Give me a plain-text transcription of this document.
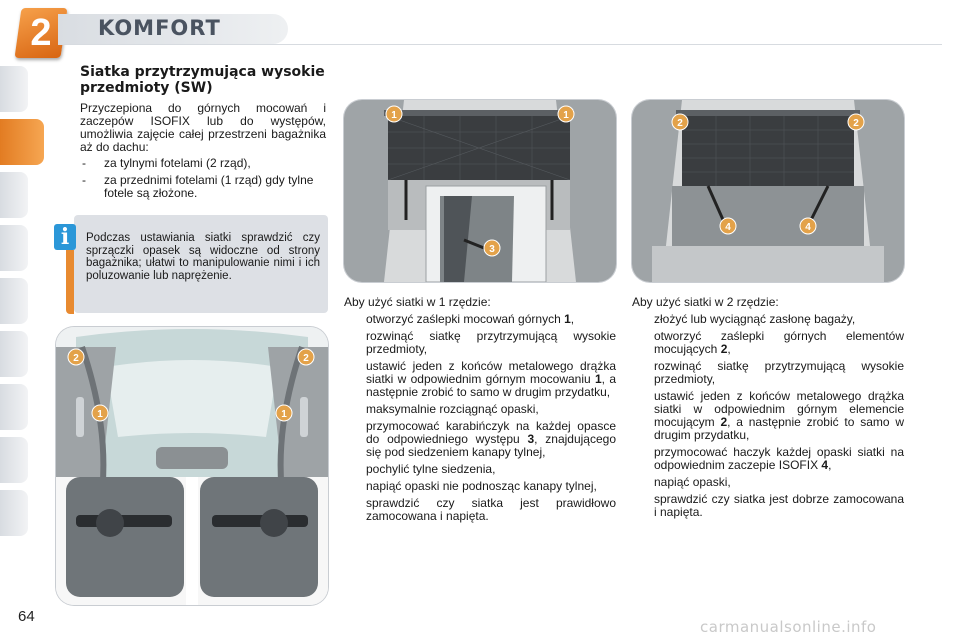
2	KOMFORT
Siatka przytrzymująca wysokie przedmioty (SW)
Przyczepiona do górnych mocowań i zaczepów ISOFIX lub do występów, umożliwia zajęcie całej przestrzeni bagażnika aż do dachu:
-	za tylnymi fotelami (2 rząd),
-	za przednimi fotelami (1 rząd) gdy tylne fotele są złożone.
i	Podczas ustawiania siatki sprawdzić czy sprzączki opasek są widoczne od strony bagażnika; ułatwi to manipulowanie nimi i ich poluzowanie lub naprężenie.
2	2
1	1
1	1
3
2	2
4	4
Aby użyć siatki w 1 rzędzie:
otworzyć zaślepki mocowań górnych 1,
rozwinąć siatkę przytrzymującą wysokie przedmioty,
ustawić jeden z końców metalowego drążka siatki w odpowiednim górnym mocowaniu 1, a następnie zrobić to samo w drugim przydatku,
maksymalnie rozciągnąć opaski,
przymocować karabińczyk na każdej opasce do odpowiedniego występu 3, znajdującego się pod siedzeniem kanapy tylnej,
pochylić tylne siedzenia,
napiąć opaski nie podnosząc kanapy tylnej,
sprawdzić czy siatka jest prawidłowo zamocowana i napięta.
Aby użyć siatki w 2 rzędzie:
złożyć lub wyciągnąć zasłonę bagaży,
otworzyć zaślepki górnych elementów mocujących 2,
rozwinąć siatkę przytrzymującą wysokie przedmioty,
ustawić jeden z końców metalowego drążka siatki w odpowiednim górnym elemencie mocującym 2, a następnie zrobić to samo w drugim przydatku,
przymocować haczyk każdej opaski siatki na odpowiednim zaczepie ISOFIX 4,
napiąć opaski,
sprawdzić czy siatka jest dobrze zamocowana i napięta.
64
carmanualsonline.info
